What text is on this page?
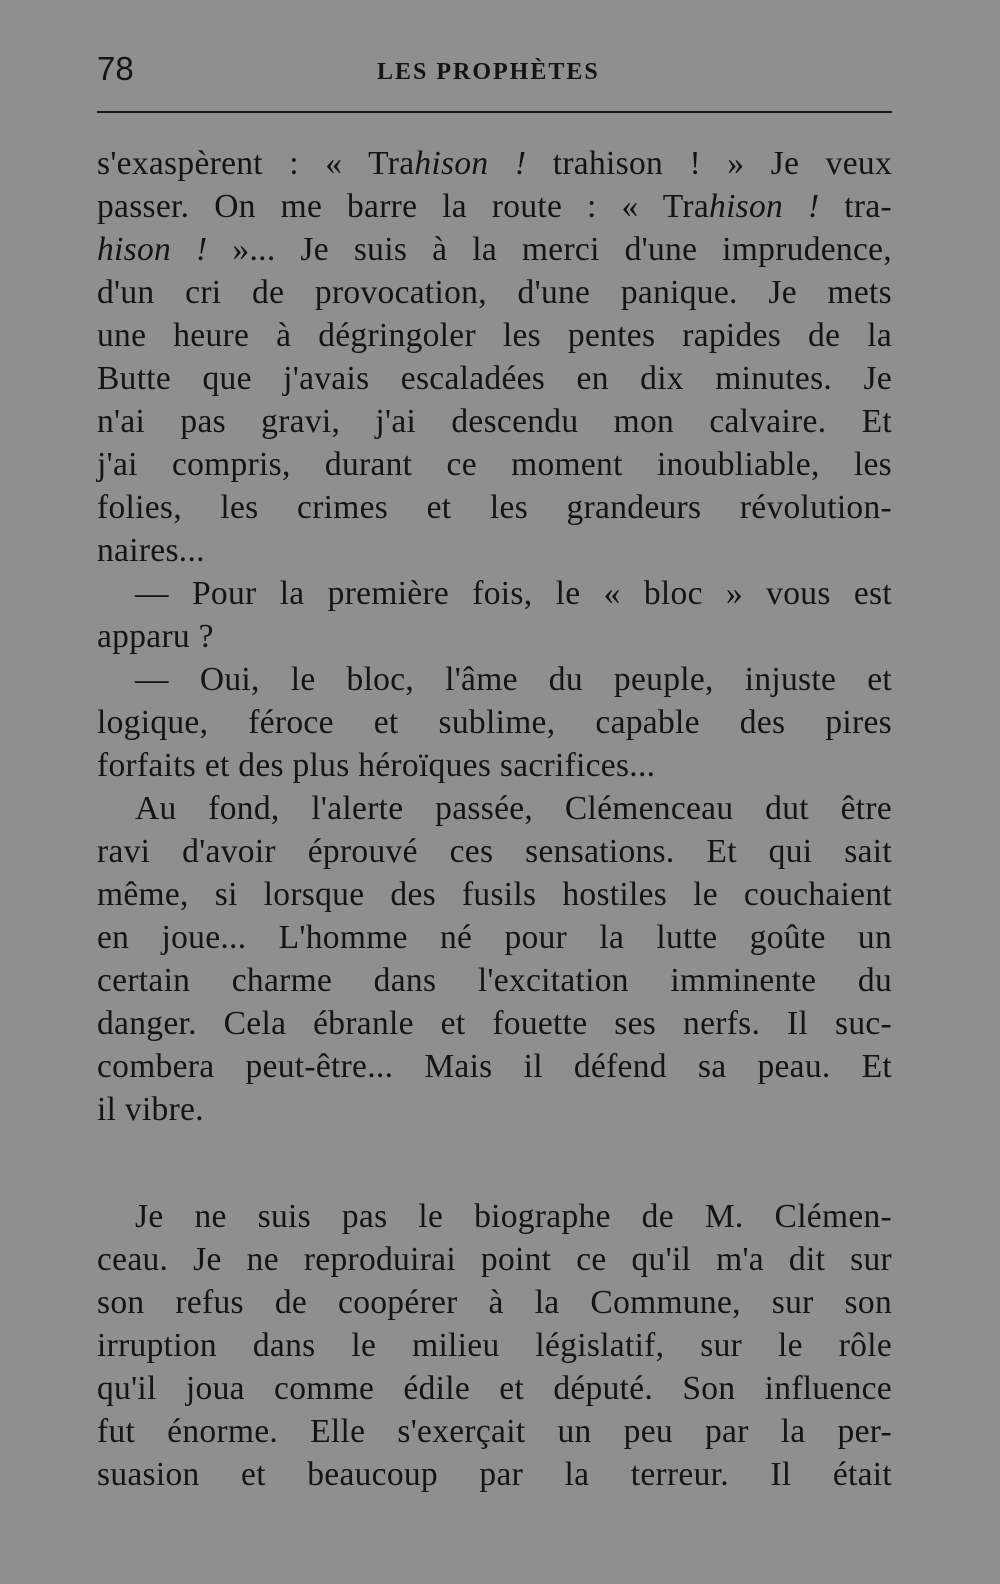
78	LES PROPHÈTES

s'exaspèrent : « Trahison ! trahison ! » Je veux
passer. On me barre la route : « Trahison ! tra-
hison ! »... Je suis à la merci d'une imprudence,
d'un cri de provocation, d'une panique. Je mets
une heure à dégringoler les pentes rapides de la
Butte que j'avais escaladées en dix minutes. Je
n'ai pas gravi, j'ai descendu mon calvaire. Et
j'ai compris, durant ce moment inoubliable, les
folies, les crimes et les grandeurs révolution-
naires...

— Pour la première fois, le « bloc » vous est
apparu ?

— Oui, le bloc, l'âme du peuple, injuste et
logique, féroce et sublime, capable des pires
forfaits et des plus héroïques sacrifices...

Au fond, l'alerte passée, Clémenceau dut être
ravi d'avoir éprouvé ces sensations. Et qui sait
même, si lorsque des fusils hostiles le couchaient
en joue... L'homme né pour la lutte goûte un
certain charme dans l'excitation imminente du
danger. Cela ébranle et fouette ses nerfs. Il suc-
combera peut-être... Mais il défend sa peau. Et
il vibre.

Je ne suis pas le biographe de M. Clémen-
ceau. Je ne reproduirai point ce qu'il m'a dit sur
son refus de coopérer à la Commune, sur son
irruption dans le milieu législatif, sur le rôle
qu'il joua comme édile et député. Son influence
fut énorme. Elle s'exerçait un peu par la per-
suasion et beaucoup par la terreur. Il était
